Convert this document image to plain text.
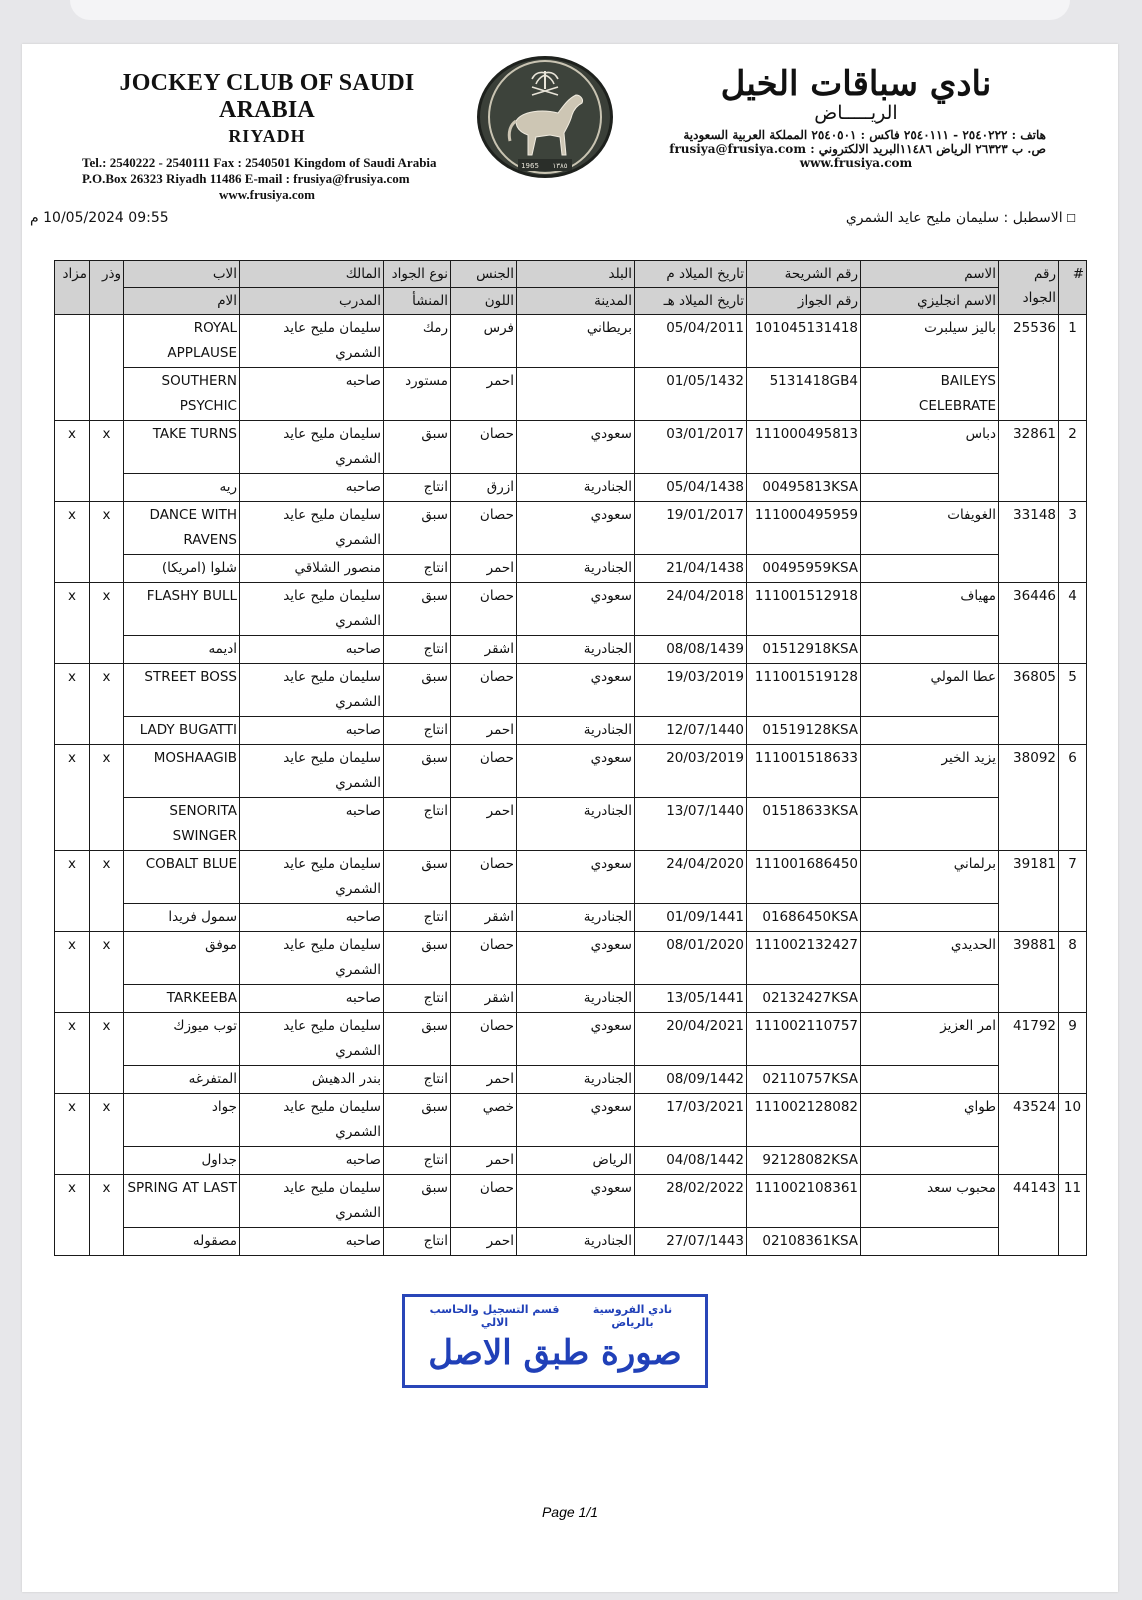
JOCKEY CLUB OF SAUDI ARABIA
RIYADH
Tel.: 2540222 - 2540111 Fax : 2540501 Kingdom of Saudi Arabia
P.O.Box 26323 Riyadh 11486 E-mail : frusiya@frusiya.com
www.frusiya.com
1965 ١٣٨٥
نادي سباقات الخيل
الريـــــاض
هاتف : ٢٥٤٠٢٢٢ - ٢٥٤٠١١١ فاكس : ٢٥٤٠٥٠١ المملكة العربية السعودية
ص. ب ٢٦٣٢٣ الرياض ١١٤٨٦البريد الالكتروني : frusiya@frusiya.com
www.frusiya.com
09:55 10/05/2024 م	☐ الاسطبل : سليمان مليح عايد الشمري
#	رقم
الجواد	الاسم	رقم الشريحة	تاريخ الميلاد م	البلد	الجنس	نوع الجواد	المالك	الاب	وذر	مزاد
		الاسم انجليزي	رقم الجواز	تاريخ الميلاد هـ	المدينة	اللون	المنشأ	المدرب	الام		
1	25536	باليز سيلبرت	101045131418	05/04/2011	بريطاني	فرس	رمك	سليمان مليح عايد الشمري	ROYAL APPLAUSE		
		BAILEYS CELEBRATE	5131418GB4	01/05/1432		احمر	مستورد	صاحبه	SOUTHERN PSYCHIC		
2	32861	دباس	111000495813	03/01/2017	سعودي	حصان	سبق	سليمان مليح عايد الشمري	TAKE TURNS	x	x
			00495813KSA	05/04/1438	الجنادرية	ازرق	انتاج	صاحبه	ريه		
3	33148	الغويفات	111000495959	19/01/2017	سعودي	حصان	سبق	سليمان مليح عايد الشمري	DANCE WITH RAVENS	x	x
			00495959KSA	21/04/1438	الجنادرية	احمر	انتاج	منصور الشلاقي	شلوا (امريكا)		
4	36446	مهياف	111001512918	24/04/2018	سعودي	حصان	سبق	سليمان مليح عايد الشمري	FLASHY BULL	x	x
			01512918KSA	08/08/1439	الجنادرية	اشقر	انتاج	صاحبه	اديمه		
5	36805	عطا المولي	111001519128	19/03/2019	سعودي	حصان	سبق	سليمان مليح عايد الشمري	STREET BOSS	x	x
			01519128KSA	12/07/1440	الجنادرية	احمر	انتاج	صاحبه	LADY BUGATTI		
6	38092	يزيد الخير	111001518633	20/03/2019	سعودي	حصان	سبق	سليمان مليح عايد الشمري	MOSHAAGIB	x	x
			01518633KSA	13/07/1440	الجنادرية	احمر	انتاج	صاحبه	SENORITA SWINGER		
7	39181	برلماني	111001686450	24/04/2020	سعودي	حصان	سبق	سليمان مليح عايد الشمري	COBALT BLUE	x	x
			01686450KSA	01/09/1441	الجنادرية	اشقر	انتاج	صاحبه	سمول فريدا		
8	39881	الحديدي	111002132427	08/01/2020	سعودي	حصان	سبق	سليمان مليح عايد الشمري	موفق	x	x
			02132427KSA	13/05/1441	الجنادرية	اشقر	انتاج	صاحبه	TARKEEBA		
9	41792	امر العزيز	111002110757	20/04/2021	سعودي	حصان	سبق	سليمان مليح عايد الشمري	توب ميوزك	x	x
			02110757KSA	08/09/1442	الجنادرية	احمر	انتاج	بندر الدهيش	المتفرغه		
10	43524	طواي	111002128082	17/03/2021	سعودي	خصي	سبق	سليمان مليح عايد الشمري	جواد	x	x
			92128082KSA	04/08/1442	الرياض	احمر	انتاج	صاحبه	جداول		
11	44143	محبوب سعد	111002108361	28/02/2022	سعودي	حصان	سبق	سليمان مليح عايد الشمري	SPRING AT LAST	x	x
			02108361KSA	27/07/1443	الجنادرية	احمر	انتاج	صاحبه	مصقوله		
نادي الفروسية بالرياض
قسم التسجيل والحاسب الالي
صورة طبق الاصل
Page 1/1
